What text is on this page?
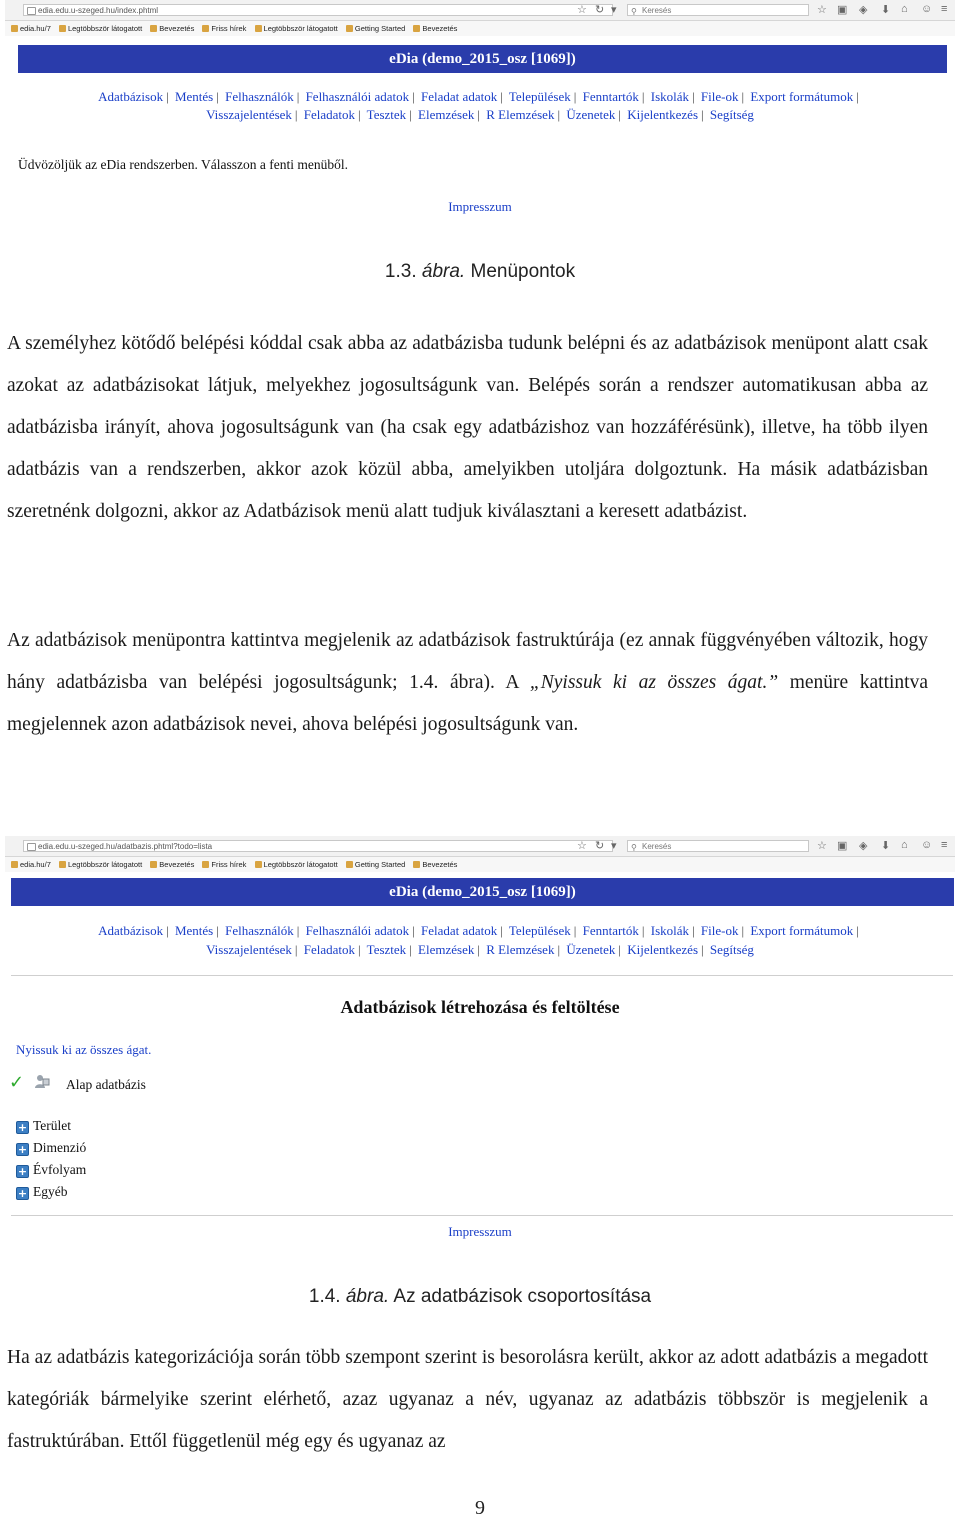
edia.edu.u-szeged.hu/index.phtml	☆ ↻ ▾ ⚲ Keresés	☆ ▣ ◈ ⬇ ⌂ ☺ ≡
edia.hu/7 Legtöbbször látogatott Bevezetés Friss hírek Legtöbbször látogatott Getting Started Bevezetés
eDia (demo_2015_osz [1069])
Adatbázisok | Mentés | Felhasználók | Felhasználói adatok | Feladat adatok | Települések | Fenntartók | Iskolák | File-ok | Export formátumok |
Visszajelentések | Feladatok | Tesztek | Elemzések | R Elemzések | Üzenetek | Kijelentkezés | Segítség
Üdvözöljük az eDia rendszerben. Válasszon a fenti menüből.
Impresszum
1.3. ábra. Menüpontok

A személyhez kötődő belépési kóddal csak abba az adatbázisba tudunk belépni és az adatbázisok menüpont alatt csak azokat az adatbázisokat látjuk, melyekhez jogosultságunk van. Belépés során a rendszer automatikusan abba az adatbázisba irányít, ahova jogosultságunk van (ha csak egy adatbázishoz van hozzáférésünk), illetve, ha több ilyen adatbázis van a rendszerben, akkor azok közül abba, amelyikben utoljára dolgoztunk. Ha másik adatbázisban szeretnénk dolgozni, akkor az Adatbázisok menü alatt tudjuk kiválasztani a keresett adatbázist.

Az adatbázisok menüpontra kattintva megjelenik az adatbázisok fastruktúrája (ez annak függvényében változik, hogy hány adatbázisba van belépési jogosultságunk; 1.4. ábra). A „Nyissuk ki az összes ágat.” menüre kattintva megjelennek azon adatbázisok nevei, ahova belépési jogosultságunk van.

edia.edu.u-szeged.hu/adatbazis.phtml?todo=lista	☆ ↻ ▾ ⚲ Keresés	☆ ▣ ◈ ⬇ ⌂ ☺ ≡
edia.hu/7 Legtöbbször látogatott Bevezetés Friss hírek Legtöbbször látogatott Getting Started Bevezetés
eDia (demo_2015_osz [1069])
Adatbázisok | Mentés | Felhasználók | Felhasználói adatok | Feladat adatok | Települések | Fenntartók | Iskolák | File-ok | Export formátumok |
Visszajelentések | Feladatok | Tesztek | Elemzések | R Elemzések | Üzenetek | Kijelentkezés | Segítség
Adatbázisok létrehozása és feltöltése
Nyissuk ki az összes ágat.
✓	Alap adatbázis
+ Terület
+ Dimenzió
+ Évfolyam
+ Egyéb
Impresszum
1.4. ábra. Az adatbázisok csoportosítása

Ha az adatbázis kategorizációja során több szempont szerint is besorolásra került, akkor az adott adatbázis a megadott kategóriák bármelyike szerint elérhető, azaz ugyanaz a név, ugyanaz az adatbázis többször is megjelenik a fastruktúrában. Ettől függetlenül még egy és ugyanaz az

9
